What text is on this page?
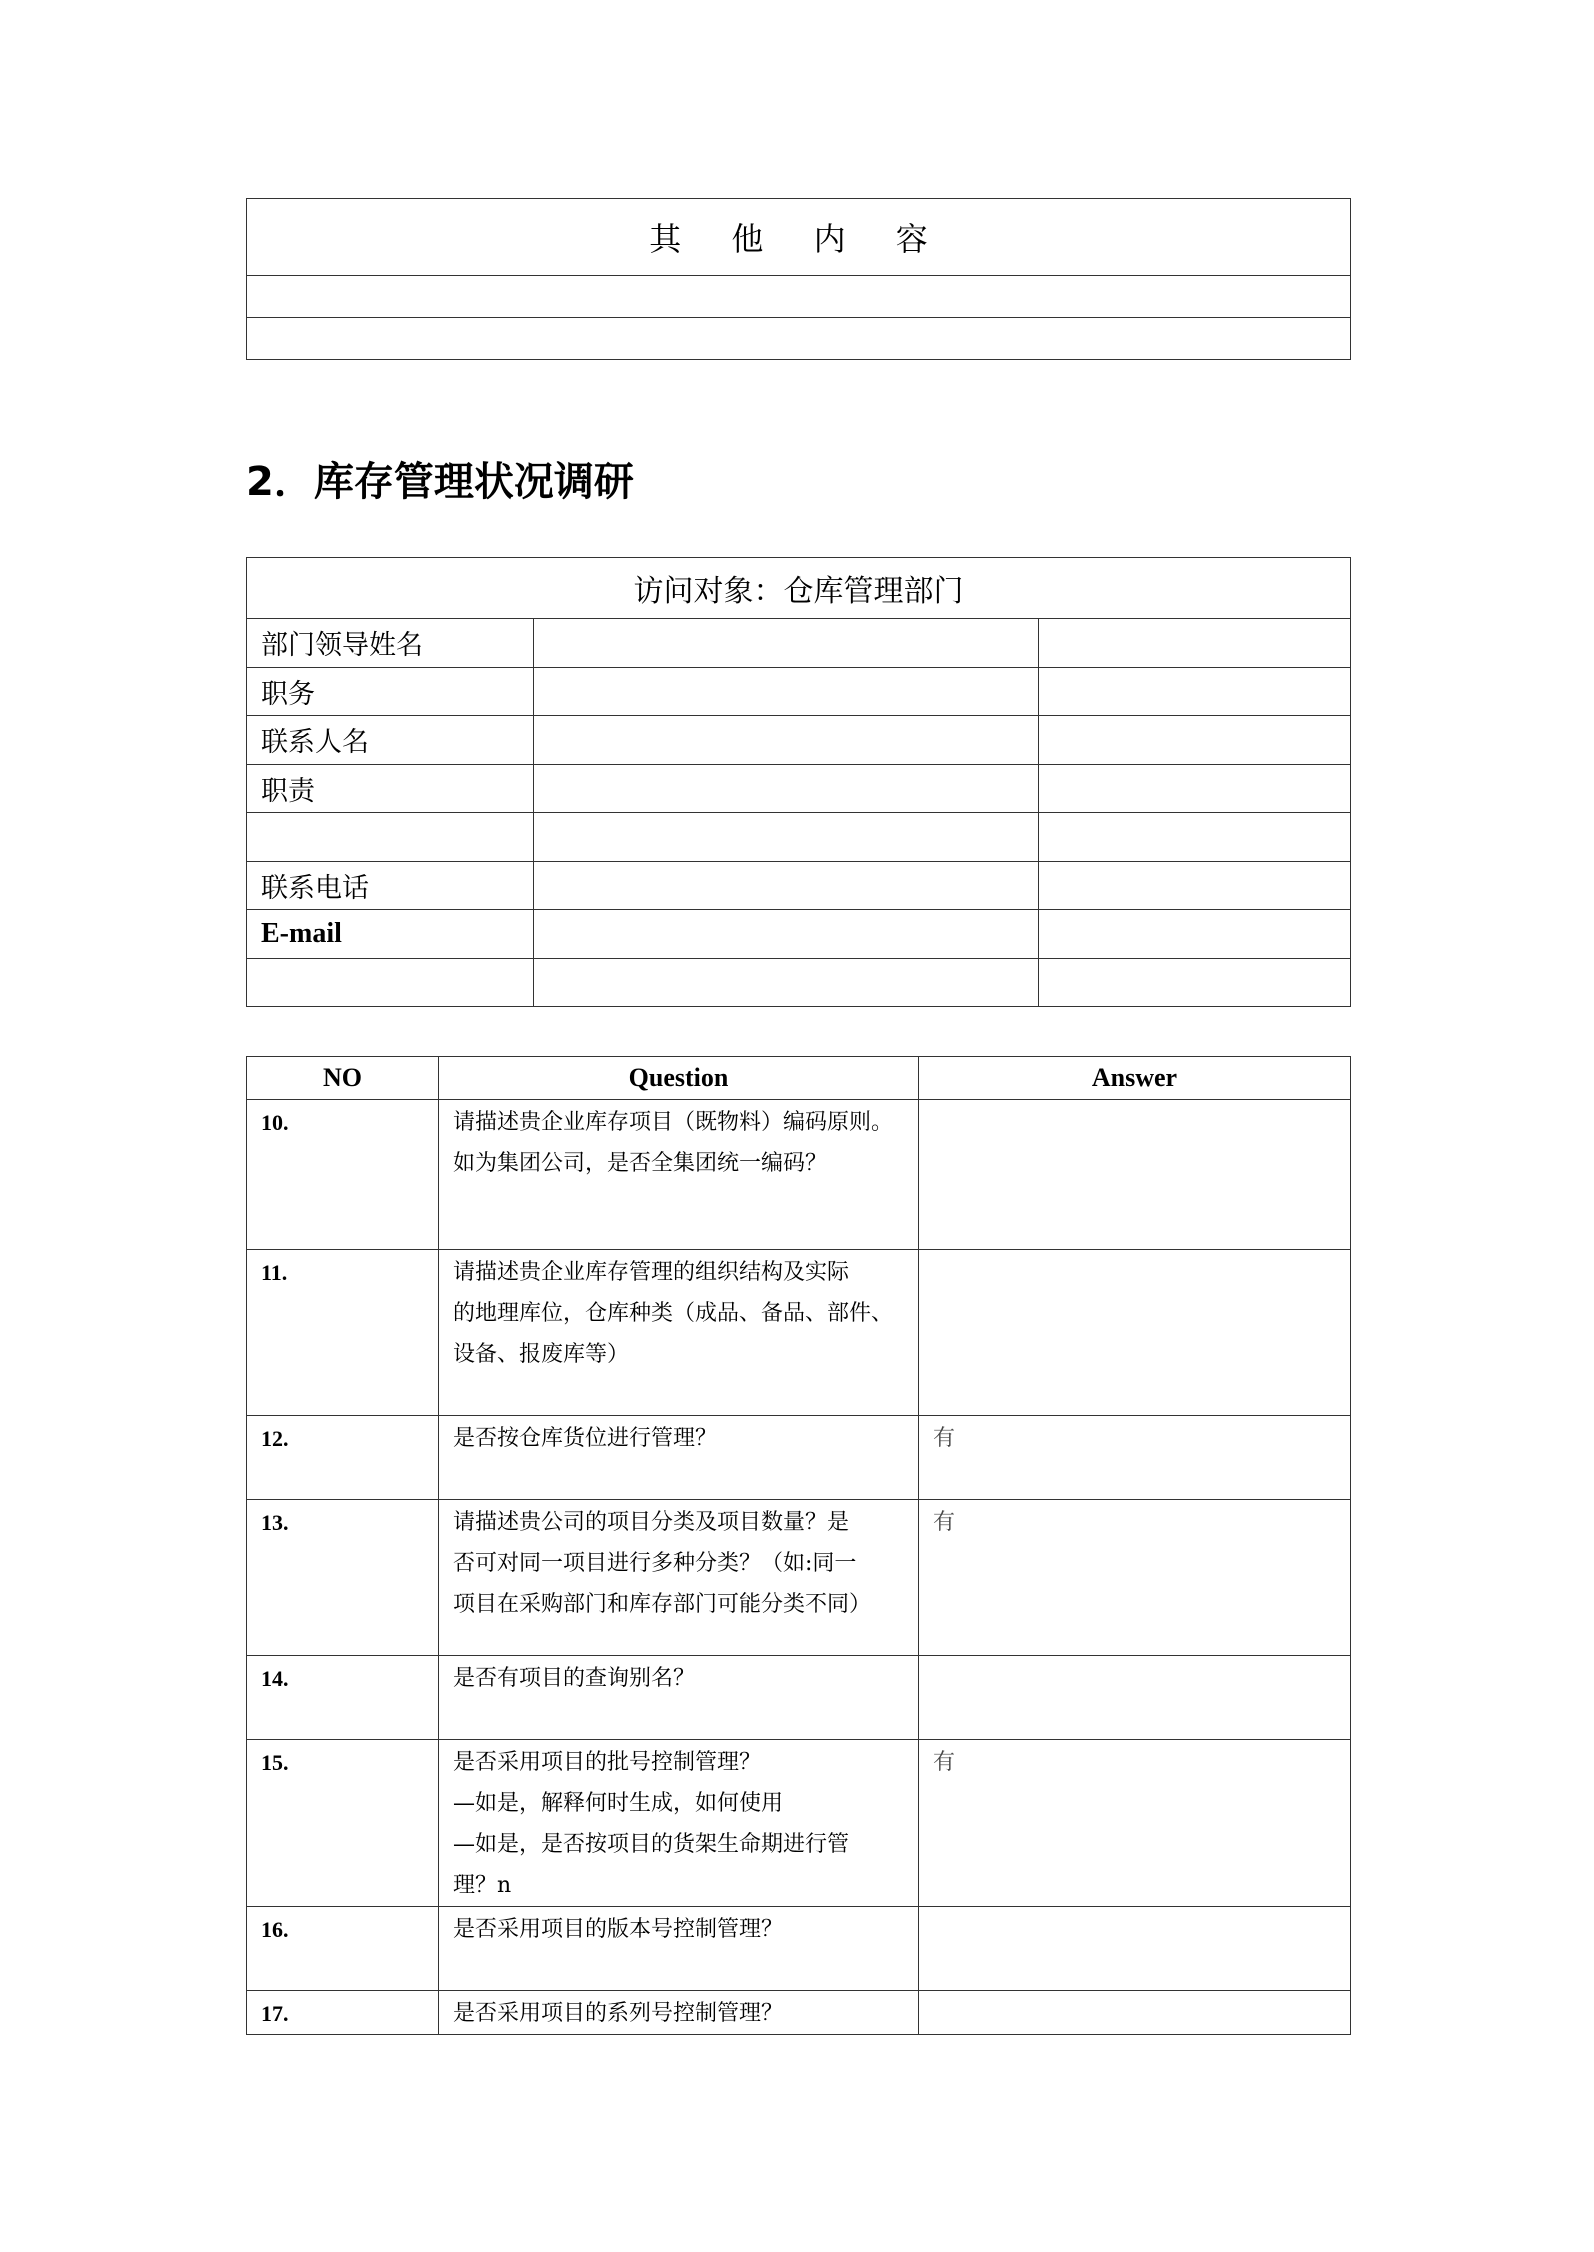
其 他 内 容

2．库存管理状况调研
访问对象：仓库管理部门		
部门领导姓名		
职务		
联系人名		
职责		

联系电话		
E-mail		

NO	Question	Answer
10.	请描述贵企业库存项目（既物料）编码原则。
如为集团公司，是否全集团统一编码？	

11.	请描述贵企业库存管理的组织结构及实际
的地理库位，仓库种类（成品、备品、部件、
设备、报废库等）	

12.	是否按仓库货位进行管理？	有
13.	请描述贵公司的项目分类及项目数量？是
否可对同一项目进行多种分类？（如:同一
项目在采购部门和库存部门可能分类不同）	有
14.	是否有项目的查询别名？	

15.	是否采用项目的批号控制管理？
—如是，解释何时生成，如何使用
—如是，是否按项目的货架生命期进行管
理？n	有
16.	是否采用项目的版本号控制管理？	

17.	是否采用项目的系列号控制管理？	
